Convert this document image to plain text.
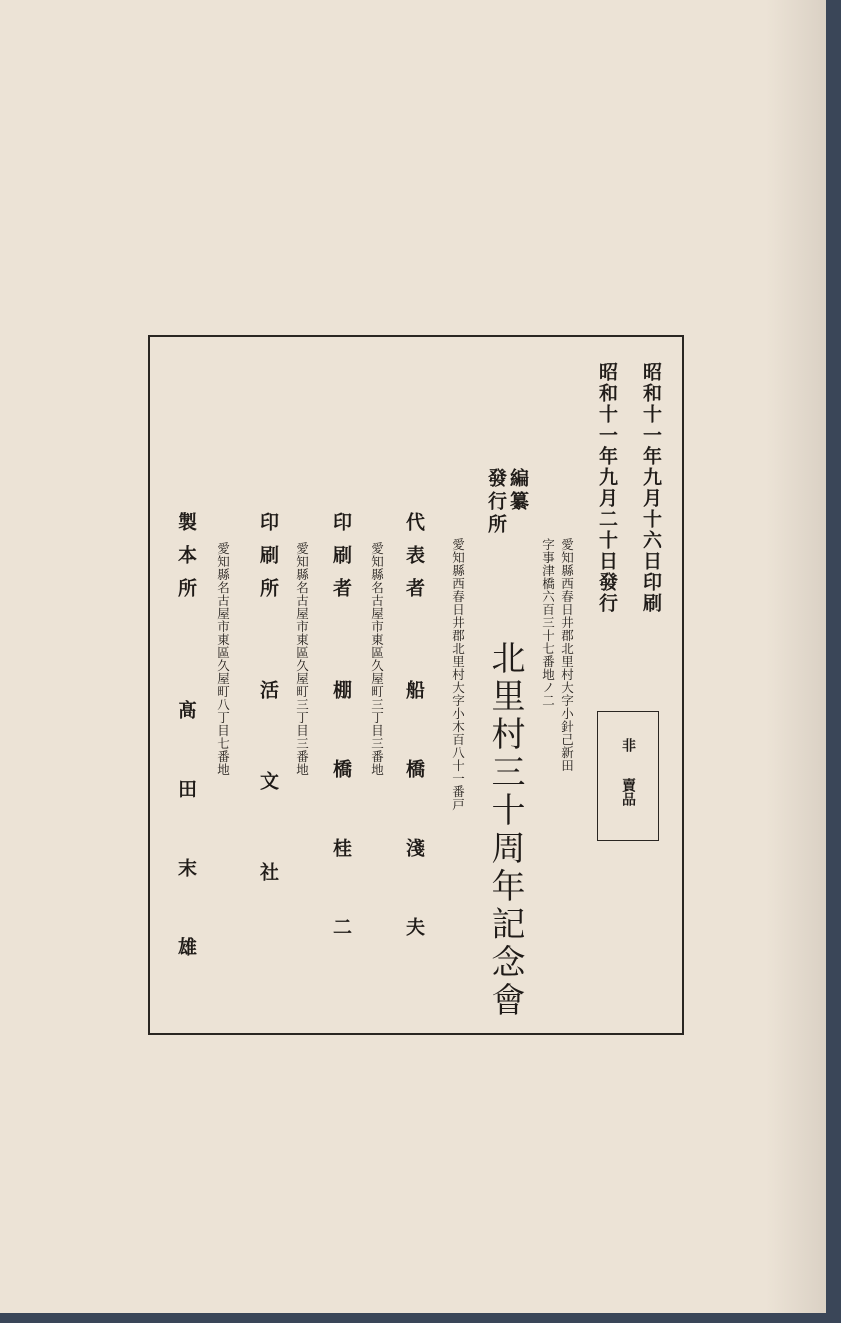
昭和十一年九月十六日印刷
昭和十一年九月二十日發行
愛知縣西春日井郡北里村大字小針己新田
字事津橋六百三十七番地ノ二
非
賣品
編纂
發行所
愛知縣西春日井郡北里村大字小木百八十一番戸 北里村三十周年記念會
代表者
愛知縣名古屋市東區久屋町三丁目三番地
船橋淺夫
印刷者
愛知縣名古屋市東區久屋町三丁目三番地
棚橋桂二
印刷所
愛知縣名古屋市東區久屋町八丁目七番地
活文社
製本所
髙田末雄
